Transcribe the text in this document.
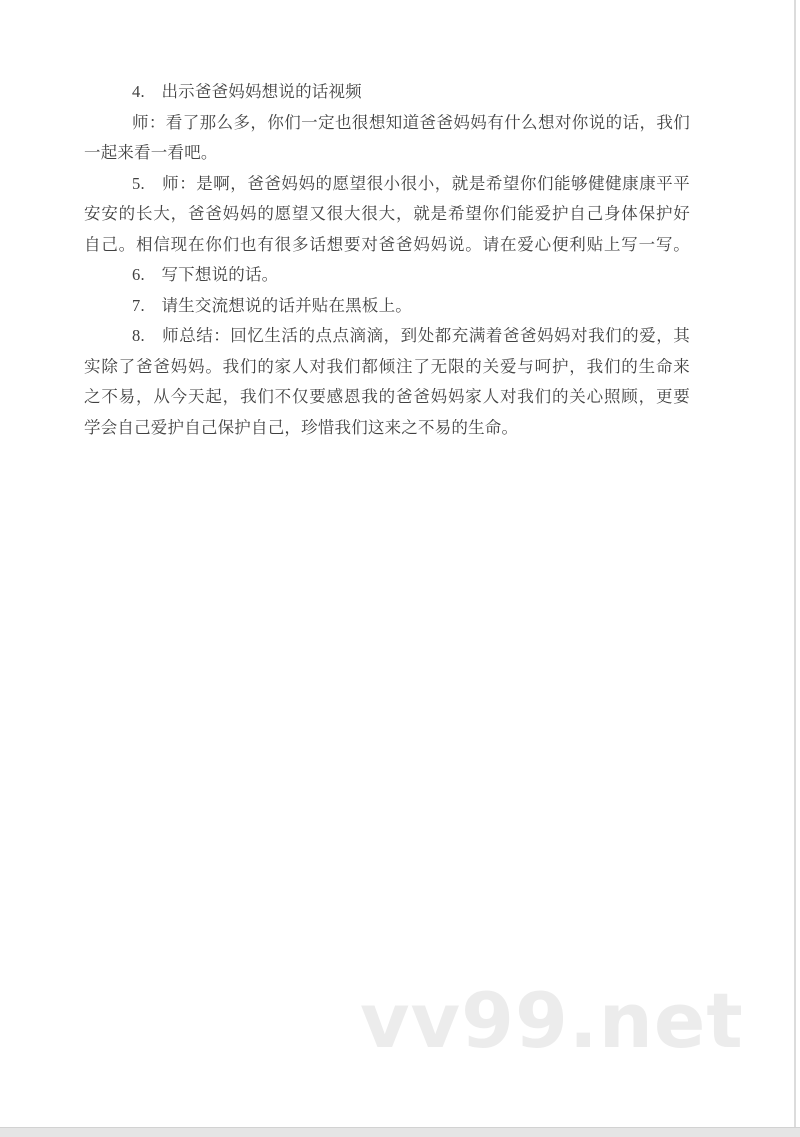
4.　出示爸爸妈妈想说的话视频
师：看了那么多，你们一定也很想知道爸爸妈妈有什么想对你说的话，我们
一起来看一看吧。
5.　师：是啊，爸爸妈妈的愿望很小很小，就是希望你们能够健健康康平平
安安的长大，爸爸妈妈的愿望又很大很大，就是希望你们能爱护自己身体保护好
自己。相信现在你们也有很多话想要对爸爸妈妈说。请在爱心便利贴上写一写。
6.　写下想说的话。
7.　请生交流想说的话并贴在黑板上。
8.　师总结：回忆生活的点点滴滴，到处都充满着爸爸妈妈对我们的爱，其
实除了爸爸妈妈。我们的家人对我们都倾注了无限的关爱与呵护，我们的生命来
之不易，从今天起，我们不仅要感恩我的爸爸妈妈家人对我们的关心照顾，更要
学会自己爱护自己保护自己，珍惜我们这来之不易的生命。
vv99.net
